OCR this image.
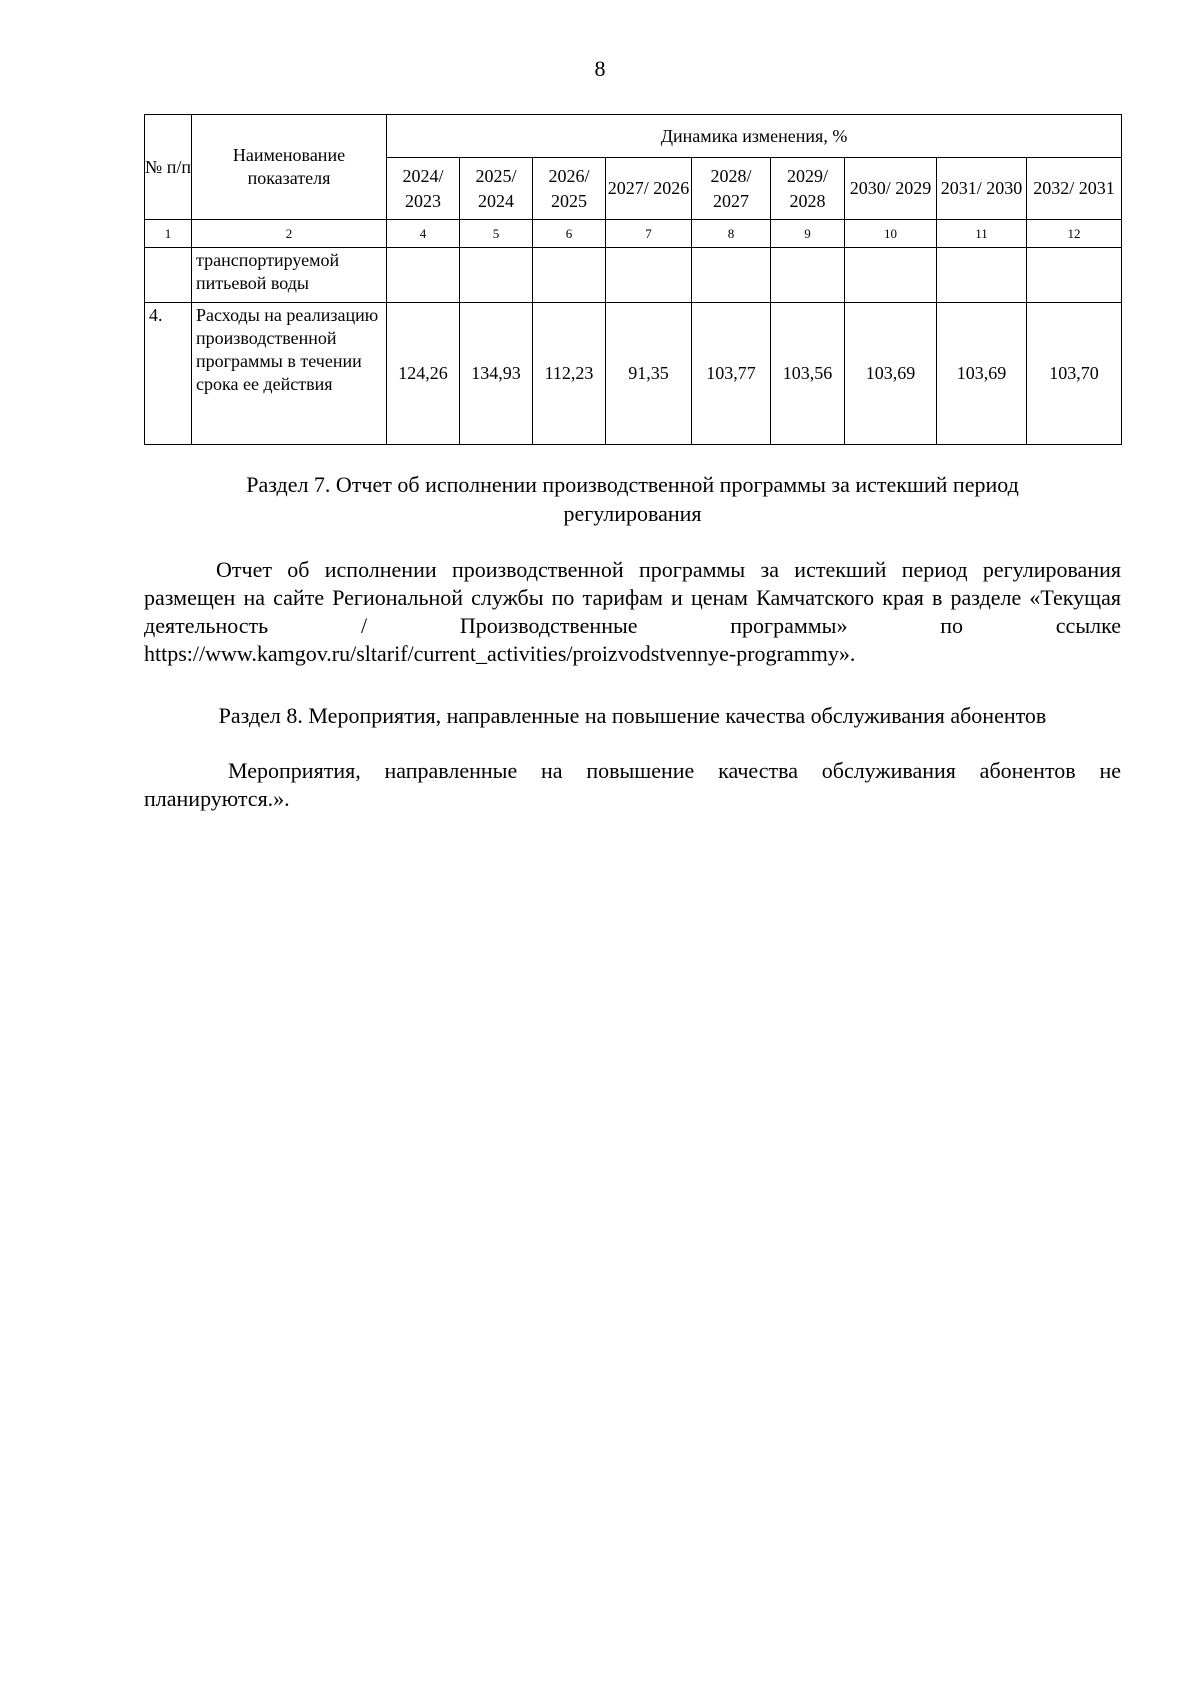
8
№ п/п	Наименование показателя	Динамика изменения, %								
		2024/ 2023	2025/ 2024	2026/ 2025	2027/ 2026	2028/ 2027	2029/ 2028	2030/ 2029	2031/ 2030	2032/ 2031
1	2	4	5	6	7	8	9	10	11	12
	транспортируемой питьевой воды									
4.	Расходы на реализацию производственной программы в течении срока ее действия	124,26	134,93	112,23	91,35	103,77	103,56	103,69	103,69	103,70
Раздел 7. Отчет об исполнении производственной программы за истекший период регулирования
Отчет об исполнении производственной программы за истекший период регулирования размещен на сайте Региональной службы по тарифам и ценам Камчатского края в разделе «Текущая деятельность / Производственные программы» по ссылке https://www.kamgov.ru/sltarif/current_activities/proizvodstvennye-programmy».
Раздел 8. Мероприятия, направленные на повышение качества обслуживания абонентов
Мероприятия, направленные на повышение качества обслуживания абонентов не планируются.».
